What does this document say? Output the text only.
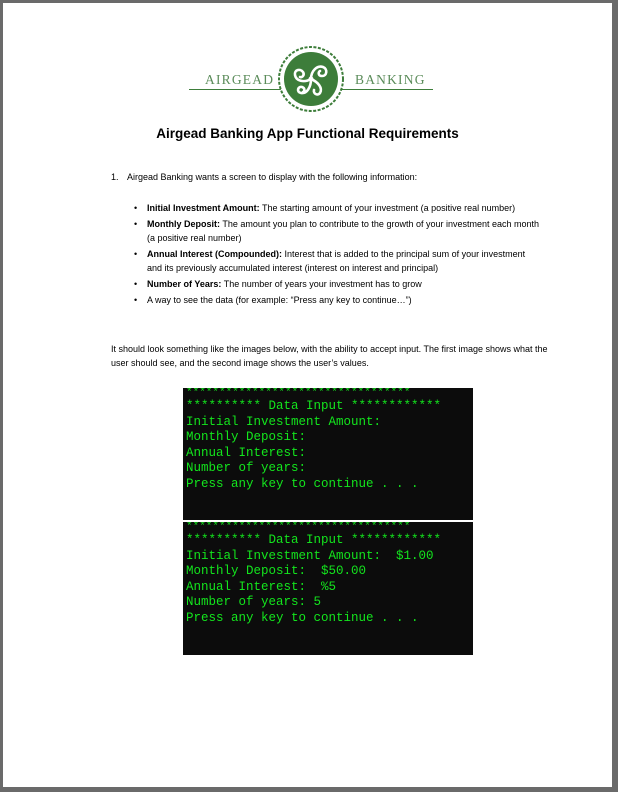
AIRGEAD	BANKING
Airgead Banking App Functional Requirements
1. Airgead Banking wants a screen to display with the following information:
• Initial Investment Amount: The starting amount of your investment (a positive real number)
• Monthly Deposit: The amount you plan to contribute to the growth of your investment each month (a positive real number)
• Annual Interest (Compounded): Interest that is added to the principal sum of your investment and its previously accumulated interest (interest on interest and principal)
• Number of Years: The number of years your investment has to grow
• A way to see the data (for example: “Press any key to continue…”)
It should look something like the images below, with the ability to accept input. The first image shows what the user should see, and the second image shows the user’s values.
**********************************
********** Data Input ************
Initial Investment Amount:
Monthly Deposit:
Annual Interest:
Number of years:
Press any key to continue . . .
**********************************
********** Data Input ************
Initial Investment Amount:  $1.00
Monthly Deposit:  $50.00
Annual Interest:  %5
Number of years: 5
Press any key to continue . . .
